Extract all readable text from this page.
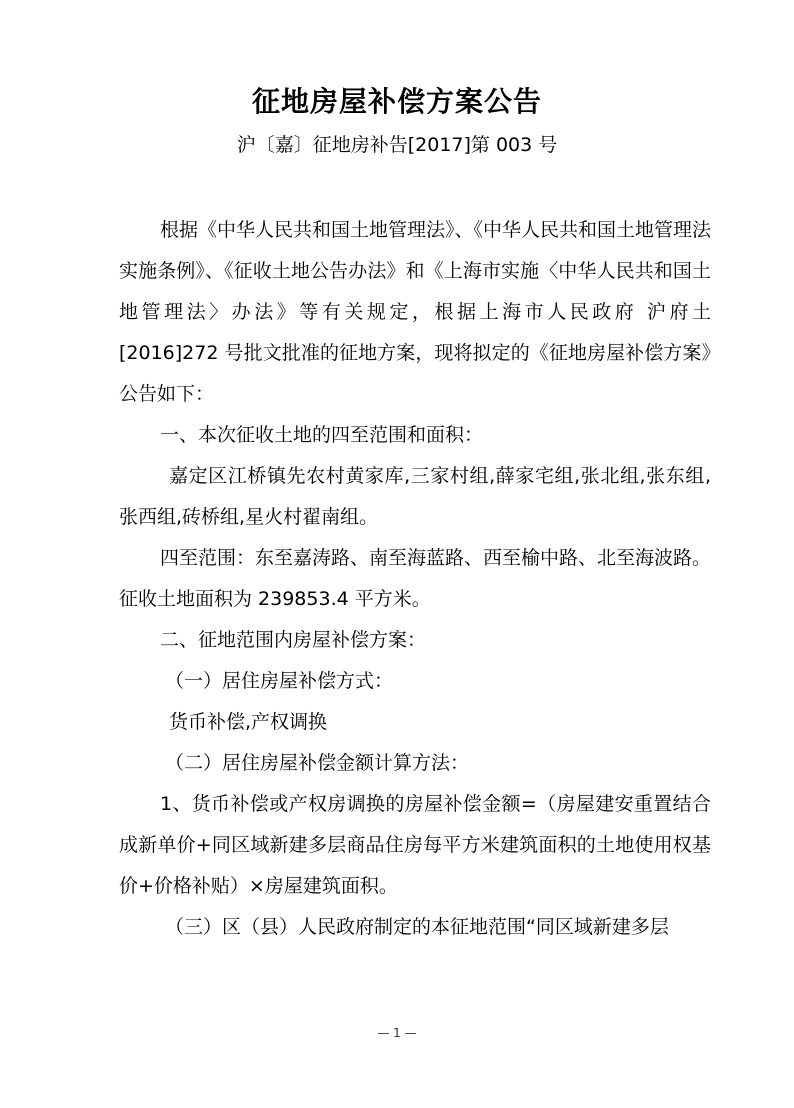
征地房屋补偿方案公告
沪〔嘉〕征地房补告[2017]第 003 号

根据《中华人民共和国土地管理法》、《中华人民共和国土地管理法实施条例》、《征收土地公告办法》和《上海市实施〈中华人民共和国土地管理法〉办法》等有关规定，根据上海市人民政府 沪府土[2016]272 号批文批准的征地方案，现将拟定的《征地房屋补偿方案》公告如下：

一、本次征收土地的四至范围和面积：

嘉定区江桥镇先农村黄家库,三家村组,薛家宅组,张北组,张东组,张西组,砖桥组,星火村翟南组。

四至范围：东至嘉涛路、南至海蓝路、西至榆中路、北至海波路。

征收土地面积为 239853.4 平方米。

二、征地范围内房屋补偿方案：

（一）居住房屋补偿方式：

货币补偿,产权调换

（二）居住房屋补偿金额计算方法：

1、货币补偿或产权房调换的房屋补偿金额=（房屋建安重置结合成新单价+同区域新建多层商品住房每平方米建筑面积的土地使用权基价+价格补贴）×房屋建筑面积。

（三）区（县）人民政府制定的本征地范围“同区域新建多层

— 1 —
